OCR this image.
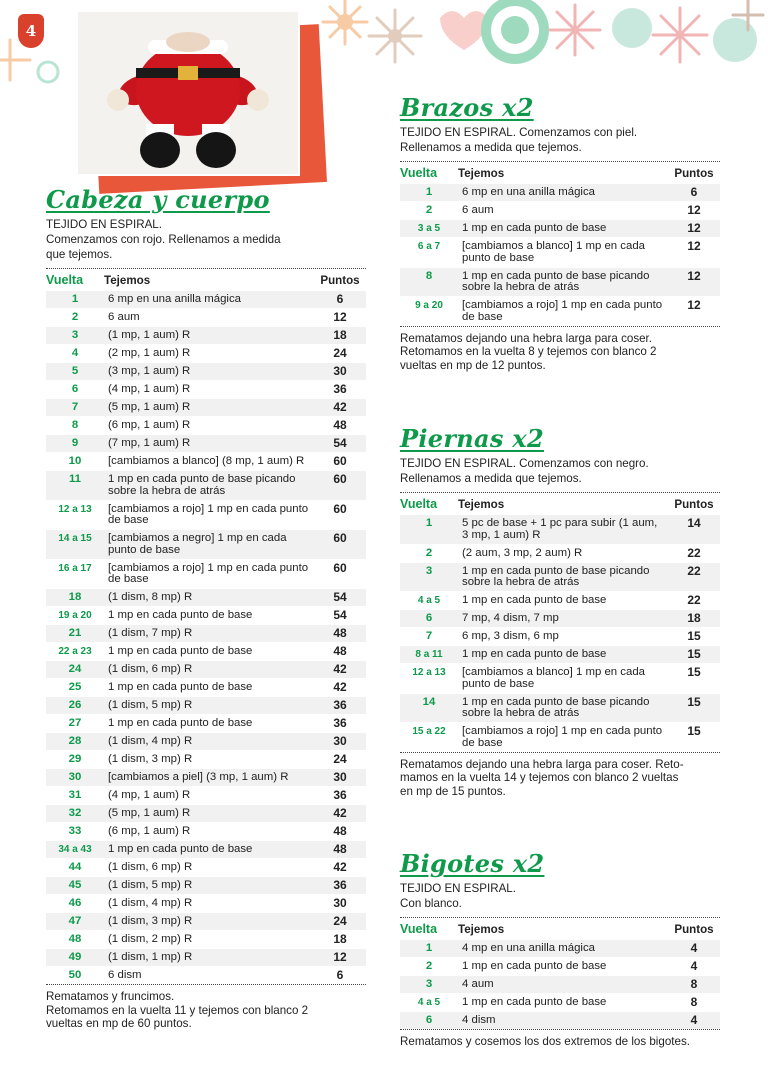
4
Cabeza y cuerpo
TEJIDO EN ESPIRAL.
Comenzamos con rojo. Rellenamos a medida
que tejemos.
Vuelta	Tejemos	Puntos
1	6 mp en una anilla mágica	6
2	6 aum	12
3	(1 mp, 1 aum) R	18
4	(2 mp, 1 aum) R	24
5	(3 mp, 1 aum) R	30
6	(4 mp, 1 aum) R	36
7	(5 mp, 1 aum) R	42
8	(6 mp, 1 aum) R	48
9	(7 mp, 1 aum) R	54
10	[cambiamos a blanco] (8 mp, 1 aum) R	60
11	1 mp en cada punto de base picando sobre la hebra de atrás	60
12 a 13	[cambiamos a rojo] 1 mp en cada punto de base	60
14 a 15	[cambiamos a negro] 1 mp en cada punto de base	60
16 a 17	[cambiamos a rojo] 1 mp en cada punto de base	60
18	(1 dism, 8 mp) R	54
19 a 20	1 mp en cada punto de base	54
21	(1 dism, 7 mp) R	48
22 a 23	1 mp en cada punto de base	48
24	(1 dism, 6 mp) R	42
25	1 mp en cada punto de base	42
26	(1 dism, 5 mp) R	36
27	1 mp en cada punto de base	36
28	(1 dism, 4 mp) R	30
29	(1 dism, 3 mp) R	24
30	[cambiamos a piel] (3 mp, 1 aum) R	30
31	(4 mp, 1 aum) R	36
32	(5 mp, 1 aum) R	42
33	(6 mp, 1 aum) R	48
34 a 43	1 mp en cada punto de base	48
44	(1 dism, 6 mp) R	42
45	(1 dism, 5 mp) R	36
46	(1 dism, 4 mp) R	30
47	(1 dism, 3 mp) R	24
48	(1 dism, 2 mp) R	18
49	(1 dism, 1 mp) R	12
50	6 dism	6
Rematamos y fruncimos.
Retomamos en la vuelta 11 y tejemos con blanco 2
vueltas en mp de 60 puntos.
Brazos x2
TEJIDO EN ESPIRAL. Comenzamos con piel.
Rellenamos a medida que tejemos.
Vuelta	Tejemos	Puntos
1	6 mp en una anilla mágica	6
2	6 aum	12
3 a 5	1 mp en cada punto de base	12
6 a 7	[cambiamos a blanco] 1 mp en cada punto de base	12
8	1 mp en cada punto de base picando sobre la hebra de atrás	12
9 a 20	[cambiamos a rojo] 1 mp en cada punto de base	12
Rematamos dejando una hebra larga para coser.
Retomamos en la vuelta 8 y tejemos con blanco 2
vueltas en mp de 12 puntos.
Piernas x2
TEJIDO EN ESPIRAL. Comenzamos con negro.
Rellenamos a medida que tejemos.
Vuelta	Tejemos	Puntos
1	5 pc de base + 1 pc para subir (1 aum, 3 mp, 1 aum) R	14
2	(2 aum, 3 mp, 2 aum) R	22
3	1 mp en cada punto de base picando sobre la hebra de atrás	22
4 a 5	1 mp en cada punto de base	22
6	7 mp, 4 dism, 7 mp	18
7	6 mp, 3 dism, 6 mp	15
8 a 11	1 mp en cada punto de base	15
12 a 13	[cambiamos a blanco] 1 mp en cada punto de base	15
14	1 mp en cada punto de base picando sobre la hebra de atrás	15
15 a 22	[cambiamos a rojo] 1 mp en cada punto de base	15
Rematamos dejando una hebra larga para coser. Reto-
mamos en la vuelta 14 y tejemos con blanco 2 vueltas
en mp de 15 puntos.
Bigotes x2
TEJIDO EN ESPIRAL.
Con blanco.
Vuelta	Tejemos	Puntos
1	4 mp en una anilla mágica	4
2	1 mp en cada punto de base	4
3	4 aum	8
4 a 5	1 mp en cada punto de base	8
6	4 dism	4
Rematamos y cosemos los dos extremos de los bigotes.
